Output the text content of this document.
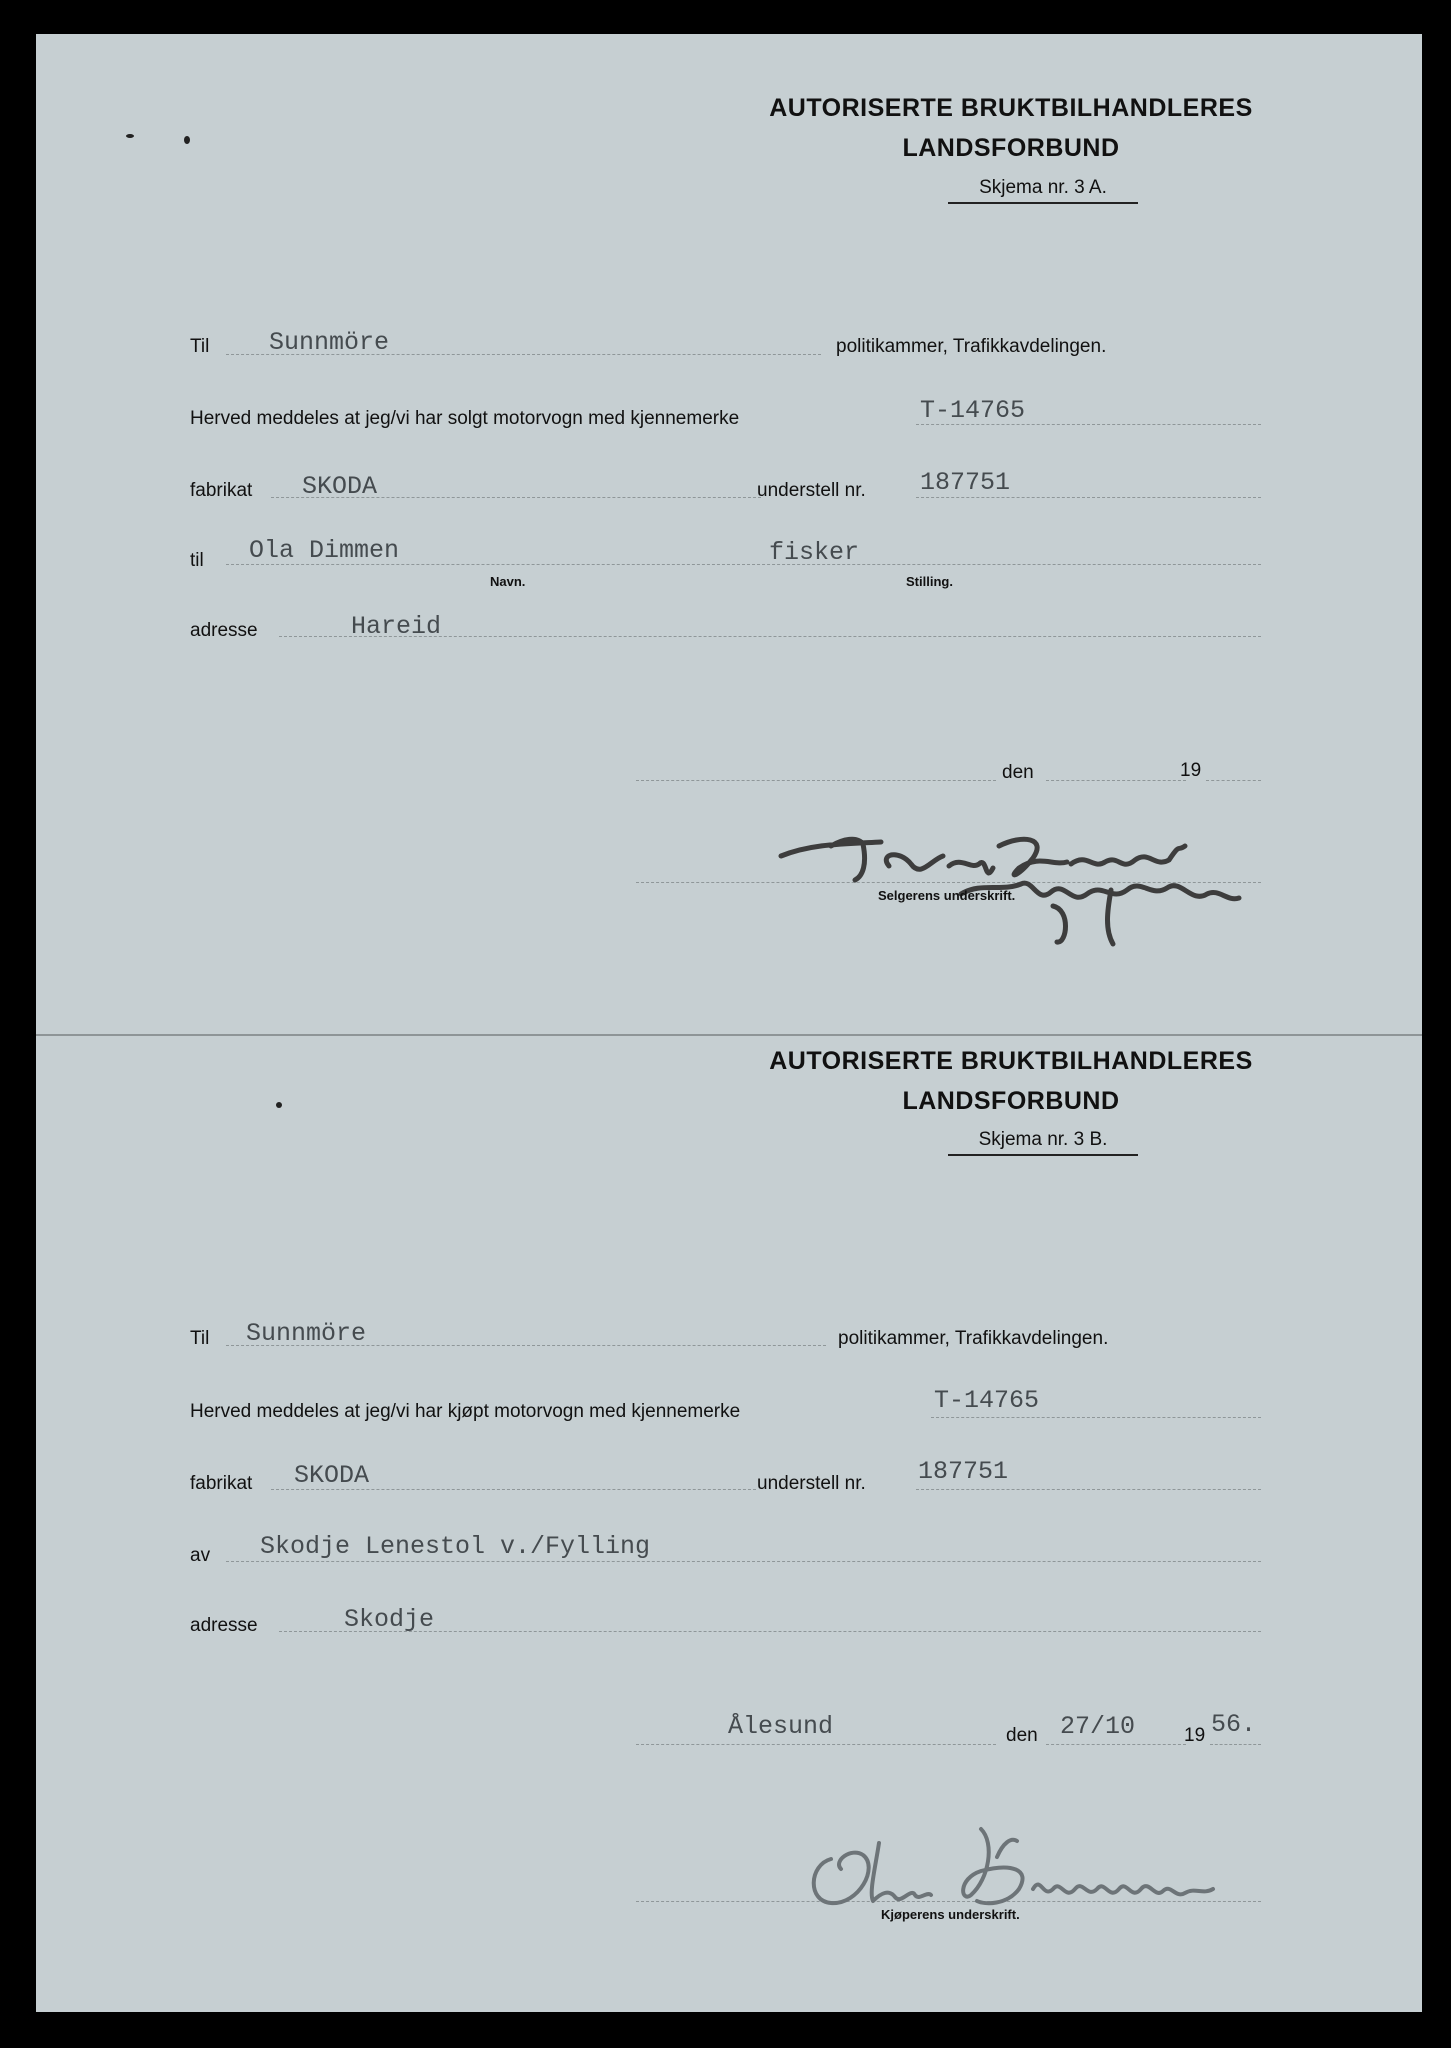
AUTORISERTE BRUKTBILHANDLERES
LANDSFORBUND
Skjema nr. 3 A.
Til Sunnmöre	politikammer, Trafikkavdelingen.
Herved meddeles at jeg/vi har solgt motorvogn med kjennemerke	T-14765
fabrikat SKODA	understell nr. 187751
til Ola Dimmen	fisker
Navn.	Stilling.
adresse	Hareid
den	19
Selgerens underskrift.
AUTORISERTE BRUKTBILHANDLERES
LANDSFORBUND
Skjema nr. 3 B.
Til Sunnmöre	politikammer, Trafikkavdelingen.
Herved meddeles at jeg/vi har kjøpt motorvogn med kjennemerke	T-14765
fabrikat SKODA	understell nr. 187751
av Skodje Lenestol v./Fylling
adresse	Skodje
Ålesund	den 27/10	19 56.
Kjøperens underskrift.
